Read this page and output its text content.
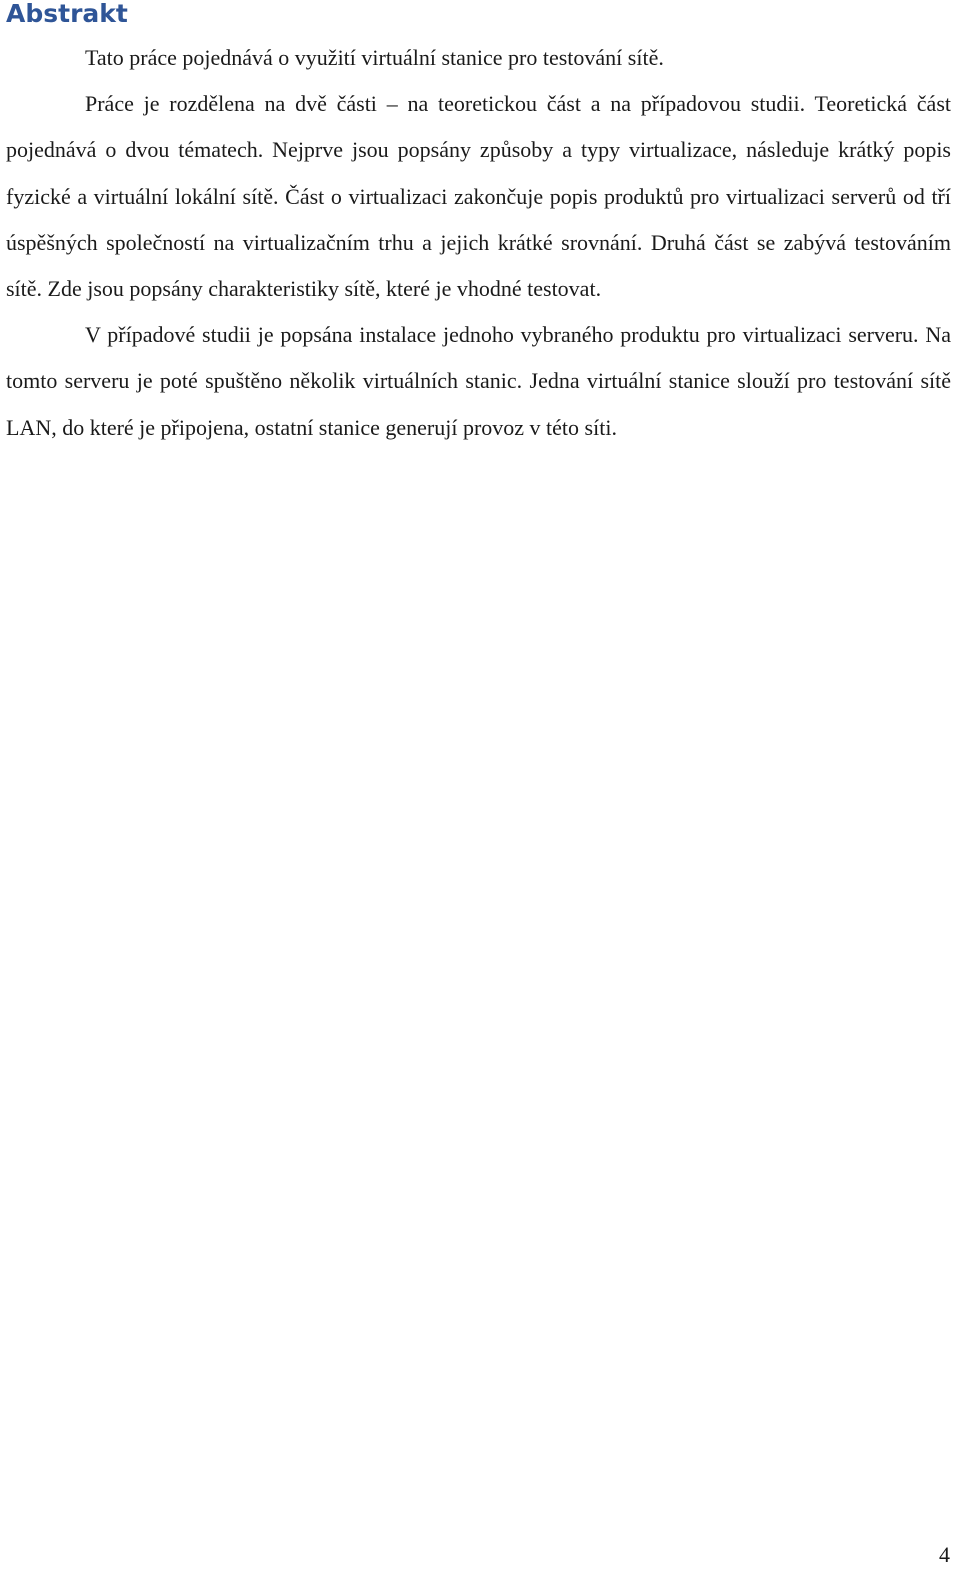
Abstrakt

Tato práce pojednává o využití virtuální stanice pro testování sítě.

Práce je rozdělena na dvě části – na teoretickou část a na případovou studii. Teoretická část pojednává o dvou tématech. Nejprve jsou popsány způsoby a typy virtualizace, následuje krátký popis fyzické a virtuální lokální sítě. Část o virtualizaci zakončuje popis produktů pro virtualizaci serverů od tří úspěšných společností na virtualizačním trhu a jejich krátké srovnání. Druhá část se zabývá testováním sítě. Zde jsou popsány charakteristiky sítě, které je vhodné testovat.

V případové studii je popsána instalace jednoho vybraného produktu pro virtualizaci serveru. Na tomto serveru je poté spuštěno několik virtuálních stanic. Jedna virtuální stanice slouží pro testování sítě LAN, do které je připojena, ostatní stanice generují provoz v této síti.

4
